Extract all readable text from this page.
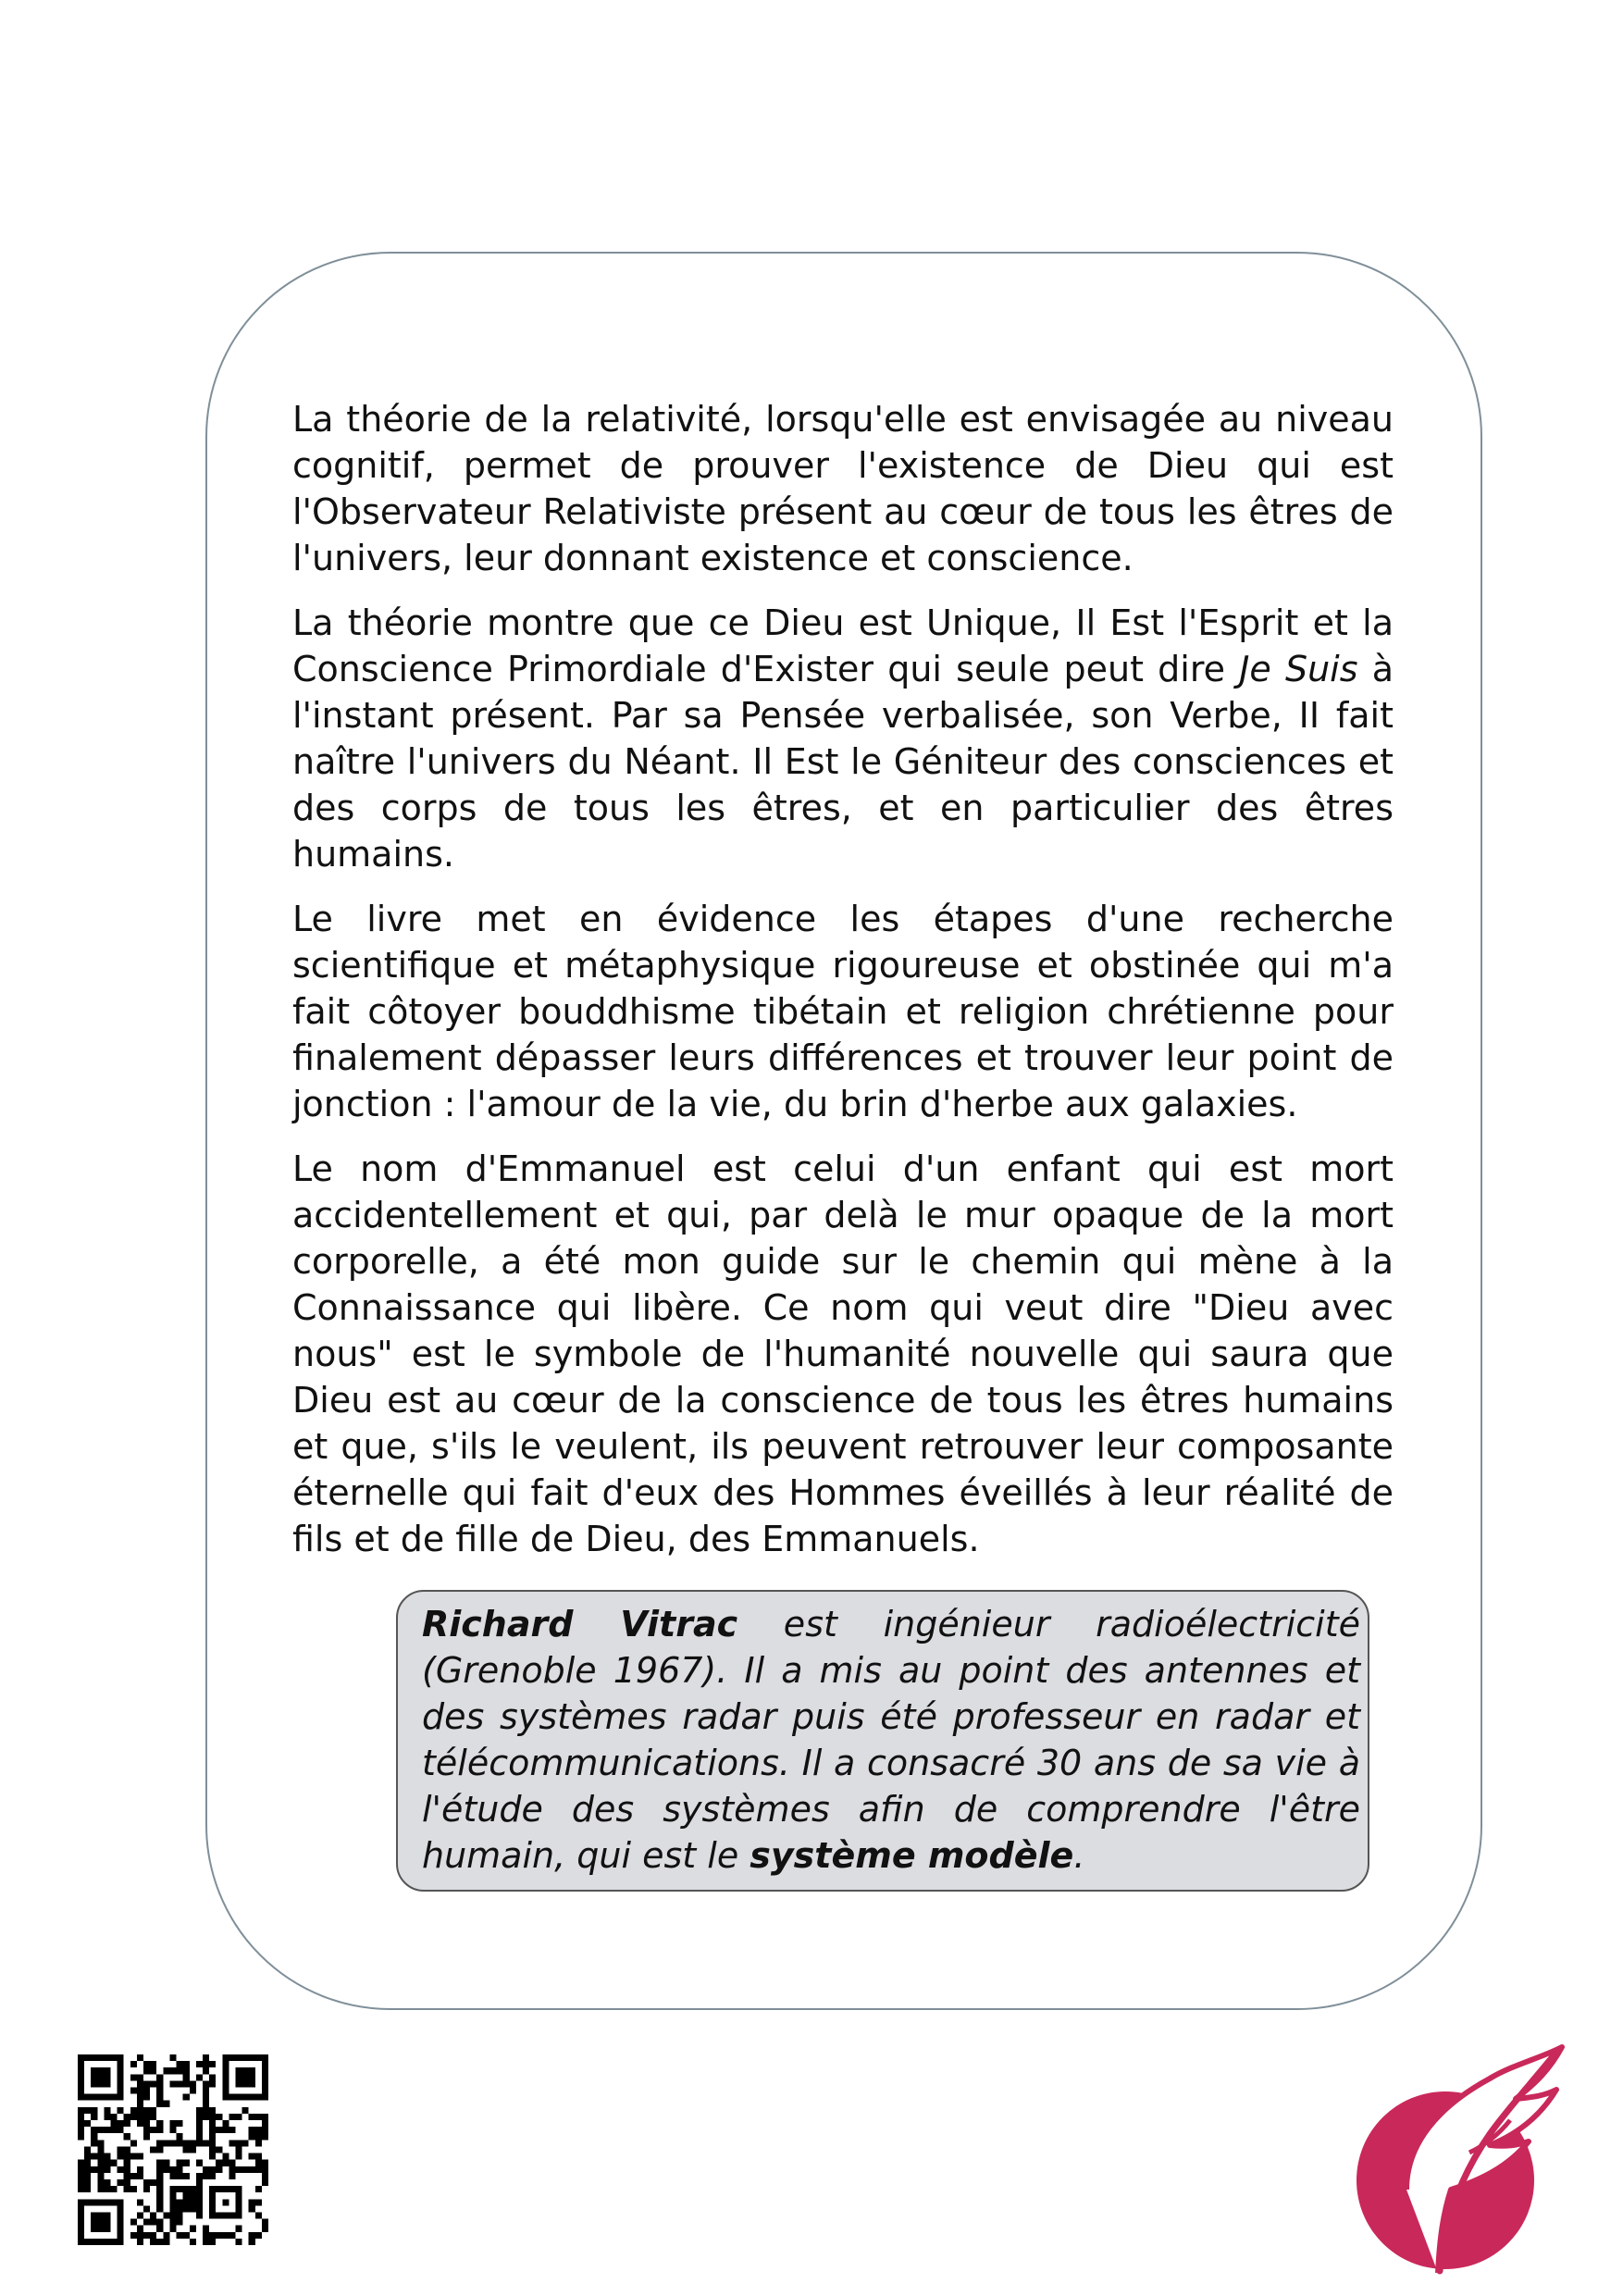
La théorie de la relativité, lorsqu'elle est envisagée au niveau cognitif, permet de prouver l'existence de Dieu qui est l'Observateur Relativiste présent au cœur de tous les êtres de l'univers, leur donnant existence et conscience.

La théorie montre que ce Dieu est Unique, Il Est l'Esprit et la Conscience Primordiale d'Exister qui seule peut dire Je Suis à l'instant présent. Par sa Pensée verbalisée, son Verbe, II fait naître l'univers du Néant. Il Est le Géniteur des consciences et des corps de tous les êtres, et en particulier des êtres humains.

Le livre met en évidence les étapes d'une recherche scientifique et métaphysique rigoureuse et obstinée qui m'a fait côtoyer bouddhisme tibétain et religion chrétienne pour finalement dépasser leurs différences et trouver leur point de jonction : l'amour de la vie, du brin d'herbe aux galaxies.

Le nom d'Emmanuel est celui d'un enfant qui est mort accidentellement et qui, par delà le mur opaque de la mort corporelle, a été mon guide sur le chemin qui mène à la Connaissance qui libère. Ce nom qui veut dire "Dieu avec nous" est le symbole de l'humanité nouvelle qui saura que Dieu est au cœur de la conscience de tous les êtres humains et que, s'ils le veulent, ils peuvent retrouver leur composante éternelle qui fait d'eux des Hommes éveillés à leur réalité de fils et de fille de Dieu, des Emmanuels.

Richard Vitrac est ingénieur radioélectricité (Grenoble 1967). Il a mis au point des antennes et des systèmes radar puis été professeur en radar et télécommunications. Il a consacré 30 ans de sa vie à l'étude des systèmes afin de comprendre l'être humain, qui est le système modèle.
